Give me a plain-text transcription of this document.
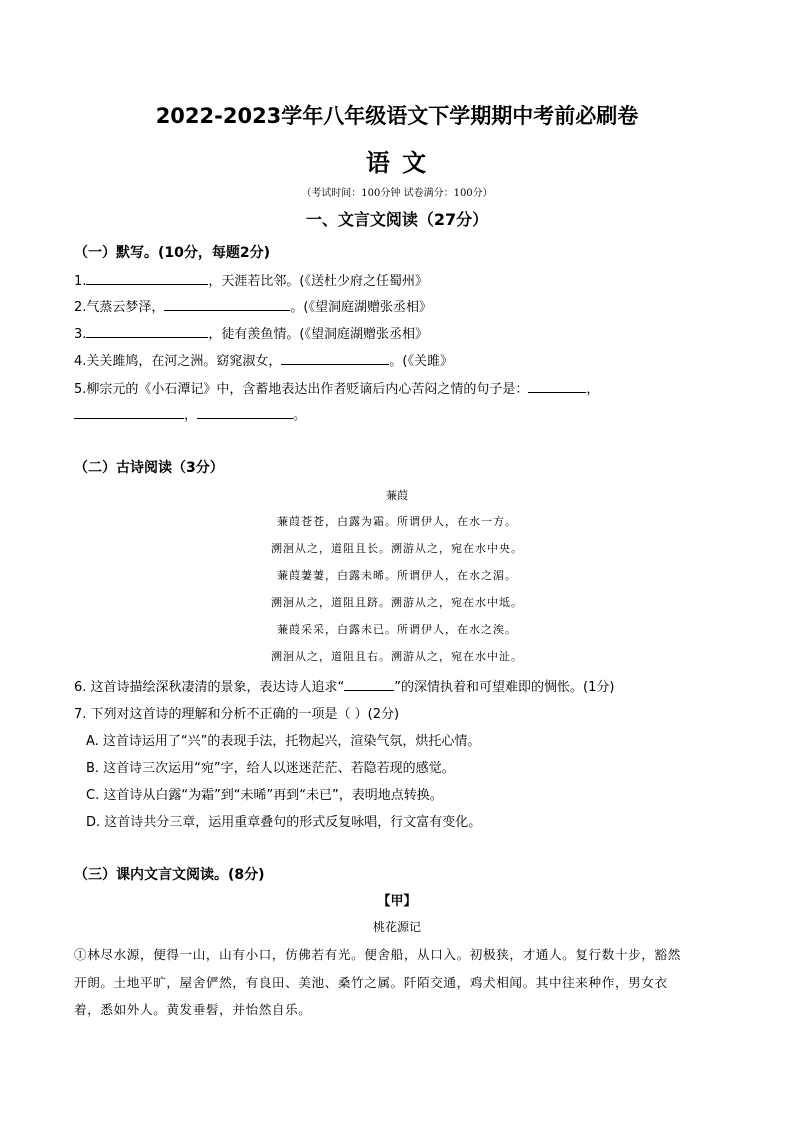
2022-2023学年八年级语文下学期期中考前必刷卷
语 文
（考试时间：100分钟 试卷满分：100分）
一、文言文阅读（27分）
（一）默写。(10分，每题2分)
1.	，天涯若比邻。(《送杜少府之任蜀州》
2.气蒸云梦泽，	。(《望洞庭湖赠张丞相》
3.	，徒有羡鱼情。(《望洞庭湖赠张丞相》
4.关关雎鸠，在河之洲。窈窕淑女，	。(《关雎》
5.柳宗元的《小石潭记》中，含蓄地表达出作者贬谪后内心苦闷之情的句子是：	，
，	。
（二）古诗阅读（3分）
蒹葭
蒹葭苍苍，白露为霜。所谓伊人，在水一方。
溯洄从之，道阻且长。溯游从之，宛在水中央。
蒹葭萋萋，白露未晞。所谓伊人，在水之湄。
溯洄从之，道阻且跻。溯游从之，宛在水中坻。
蒹葭采采，白露未已。所谓伊人，在水之涘。
溯洄从之，道阻且右。溯游从之，宛在水中沚。
6. 这首诗描绘深秋凄清的景象，表达诗人追求“	”的深情执着和可望难即的惆怅。(1分)
7. 下列对这首诗的理解和分析不正确的一项是（ ）(2分)
A. 这首诗运用了“兴”的表现手法，托物起兴，渲染气氛，烘托心情。
B. 这首诗三次运用“宛”字，给人以迷迷茫茫、若隐若现的感觉。
C. 这首诗从白露“为霜”到“未晞”再到“未已”，表明地点转换。
D. 这首诗共分三章，运用重章叠句的形式反复咏唱，行文富有变化。
（三）课内文言文阅读。(8分)
【甲】
桃花源记
①林尽水源，便得一山，山有小口，仿佛若有光。便舍船，从口入。初极狭，才通人。复行数十步，豁然开朗。土地平旷，屋舍俨然，有良田、美池、桑竹之属。阡陌交通，鸡犬相闻。其中往来种作，男女衣着，悉如外人。黄发垂髫，并怡然自乐。
